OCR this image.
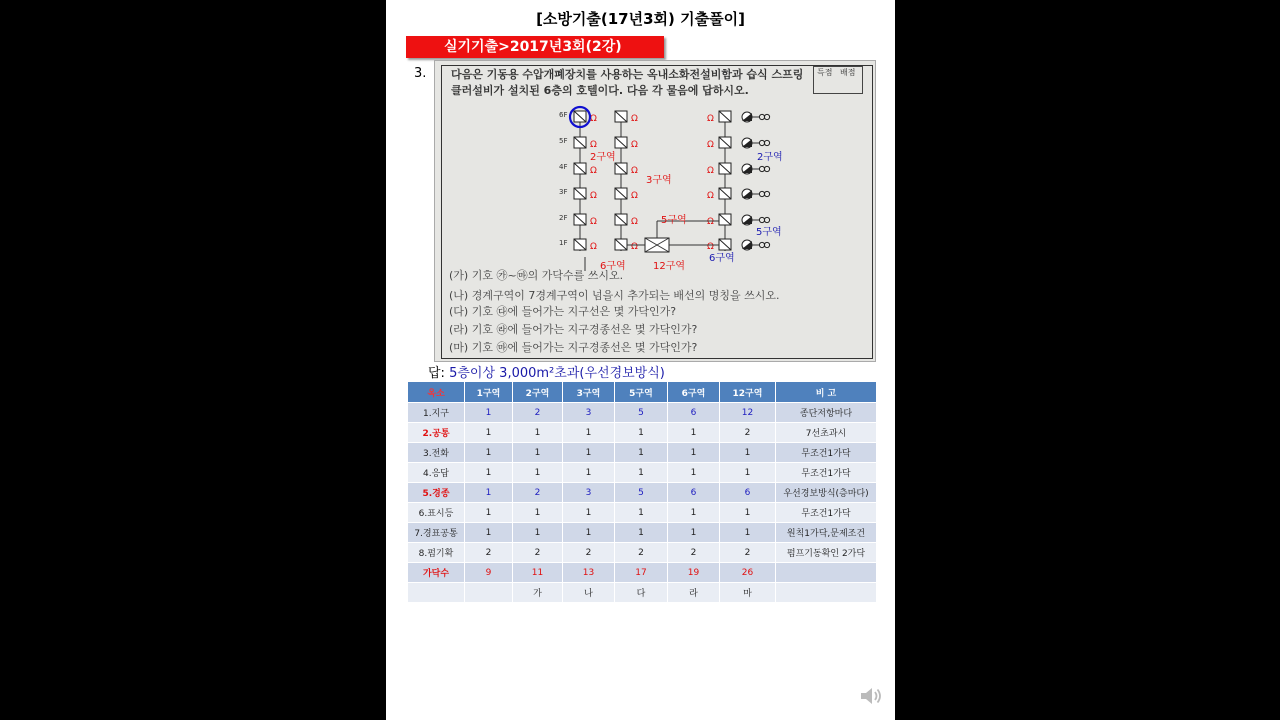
[소방기출(17년3회) 기출풀이]
실기기출>2017년3회(2강)
3. 다음은 기동용 수압개폐장치를 사용하는 옥내소화전설비함과 습식 스프링
클러설비가 설치된 6층의 호텔이다. 다음 각 물음에 답하시오.
득점 배점
Ω
Ω
Ω
Ω
Ω
Ω
Ω
Ω
Ω
Ω
Ω
Ω
Ω
Ω
Ω
Ω
Ω
Ω
6F
5F
4F
3F
2F
1F
2구역
3구역
5구역
6구역	12구역
2구역
5구역
6구역
(가) 기호 ㉮~㉲의 가닥수를 쓰시오.
(나) 경계구역이 7경계구역이 넘을시 추가되는 배선의 명칭을 쓰시오.
(다) 기호 ㉰에 들어가는 지구선은 몇 가닥인가?
(라) 기호 ㉱에 들어가는 지구경종선은 몇 가닥인가?
(마) 기호 ㉲에 들어가는 지구경종선은 몇 가닥인가?
답: 5층이상 3,000m²초과(우선경보방식)
옥소	1구역	2구역	3구역	5구역	6구역	12구역	비 고
1.지구	1	2	3	5	6	12	종단저항마다
2.공통	1	1	1	1	1	2	7선초과시
3.전화	1	1	1	1	1	1	무조건1가닥
4.응답	1	1	1	1	1	1	무조건1가닥
5.경종	1	2	3	5	6	6	우선경보방식(층마다)
6.표시등	1	1	1	1	1	1	무조건1가닥
7.경표공통	1	1	1	1	1	1	원칙1가닥,문제조건
8.펌기확	2	2	2	2	2	2	펌프기동확인 2가닥
가닥수	9	11	13	17	19	26	
		가	나	다	라	마	
